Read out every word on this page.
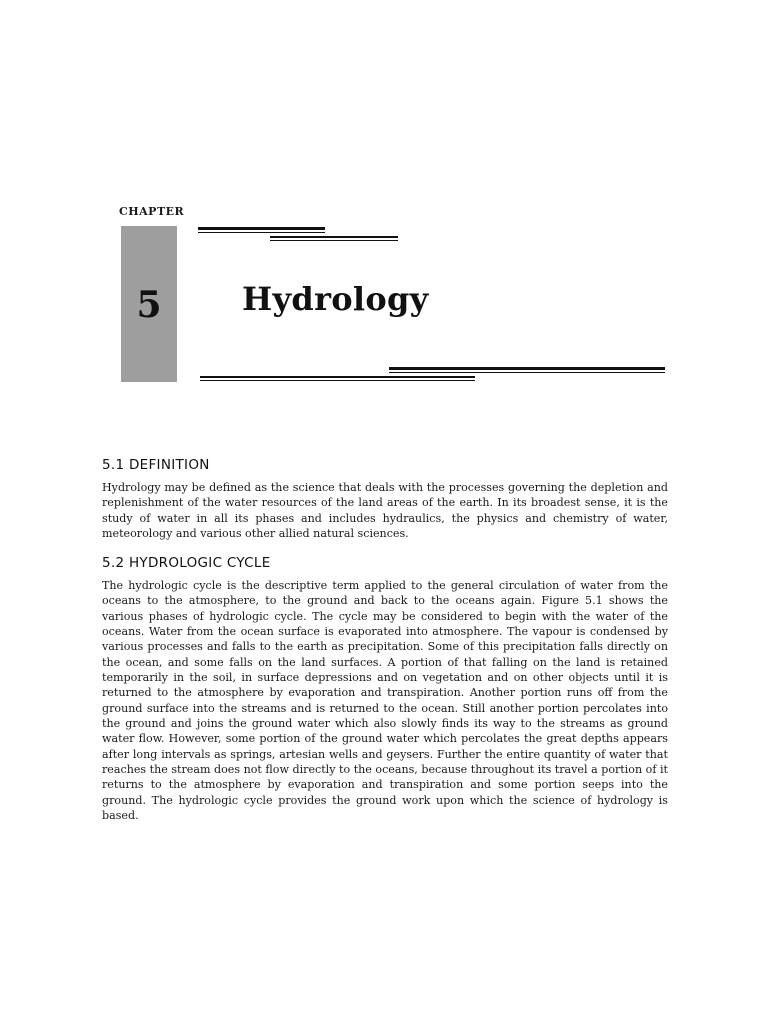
CHAPTER
5	Hydrology
5.1 DEFINITION

Hydrology may be defined as the science that deals with the processes governing the depletion and replenishment of the water resources of the land areas of the earth. In its broadest sense, it is the study of water in all its phases and includes hydraulics, the physics and chemistry of water, meteorology and various other allied natural sciences.

5.2 HYDROLOGIC CYCLE

The hydrologic cycle is the descriptive term applied to the general circulation of water from the oceans to the atmosphere, to the ground and back to the oceans again. Figure 5.1 shows the various phases of hydrologic cycle. The cycle may be considered to begin with the water of the oceans. Water from the ocean surface is evaporated into atmosphere. The vapour is condensed by various processes and falls to the earth as precipitation. Some of this precipitation falls directly on the ocean, and some falls on the land surfaces. A portion of that falling on the land is retained temporarily in the soil, in surface depressions and on vegetation and on other objects until it is returned to the atmosphere by evaporation and transpiration. Another portion runs off from the ground surface into the streams and is returned to the ocean. Still another portion percolates into the ground and joins the ground water which also slowly finds its way to the streams as ground water flow. However, some portion of the ground water which percolates the great depths appears after long intervals as springs, artesian wells and geysers. Further the entire quantity of water that reaches the stream does not flow directly to the oceans, because throughout its travel a portion of it returns to the atmosphere by evaporation and transpiration and some portion seeps into the ground. The hydrologic cycle provides the ground work upon which the science of hydrology is based.
